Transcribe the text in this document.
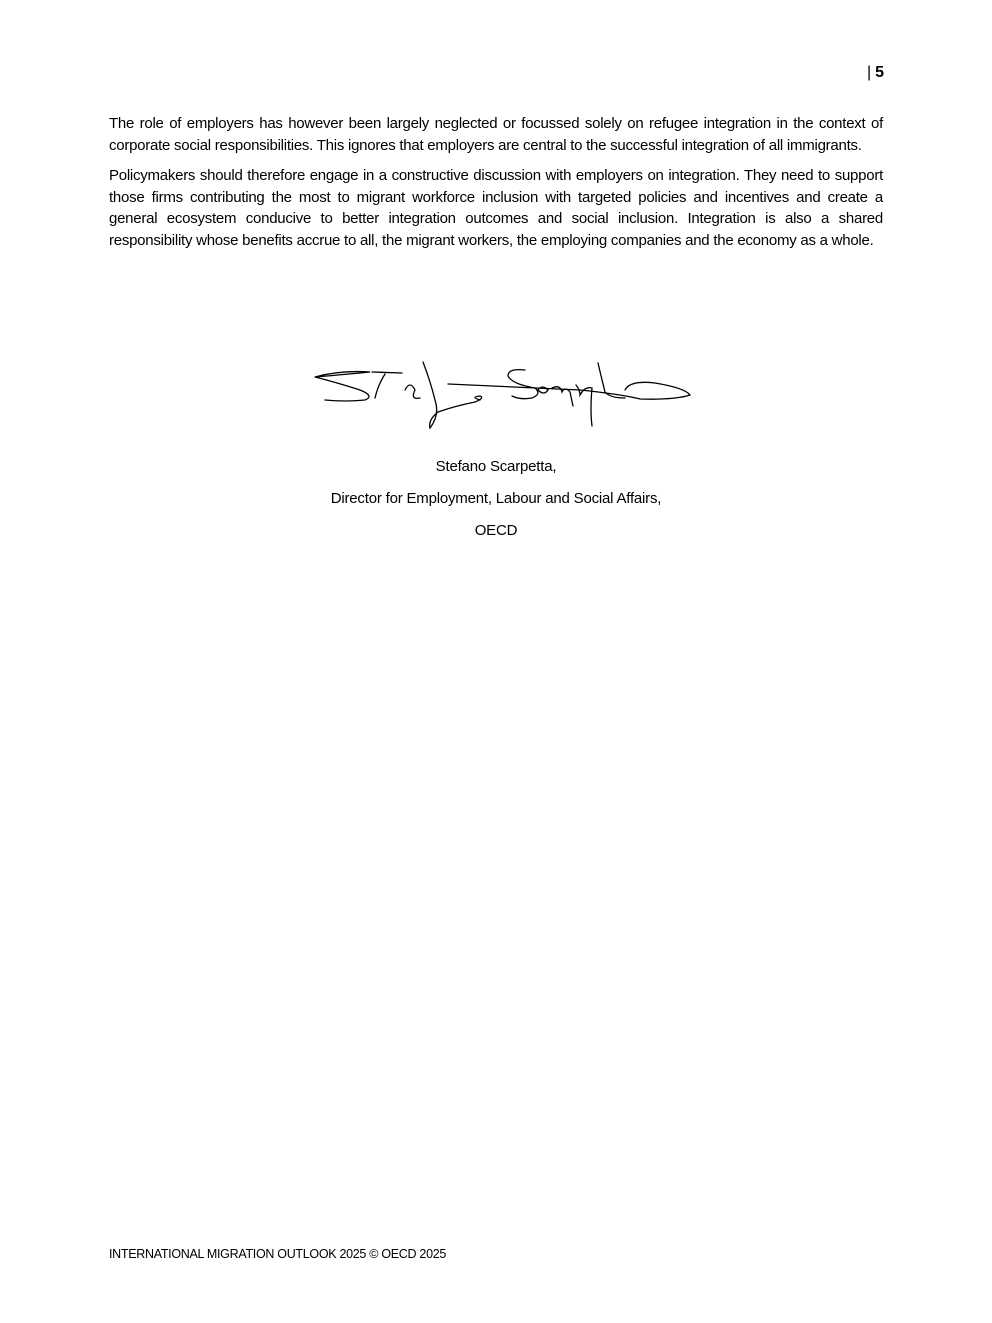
| 5

The role of employers has however been largely neglected or focussed solely on refugee integration in the context of corporate social responsibilities. This ignores that employers are central to the successful integration of all immigrants.

Policymakers should therefore engage in a constructive discussion with employers on integration. They need to support those firms contributing the most to migrant workforce inclusion with targeted policies and incentives and create a general ecosystem conducive to better integration outcomes and social inclusion. Integration is also a shared responsibility whose benefits accrue to all, the migrant workers, the employing companies and the economy as a whole.

Stefano Scarpetta,
Director for Employment, Labour and Social Affairs,
OECD
INTERNATIONAL MIGRATION OUTLOOK 2025 © OECD 2025
